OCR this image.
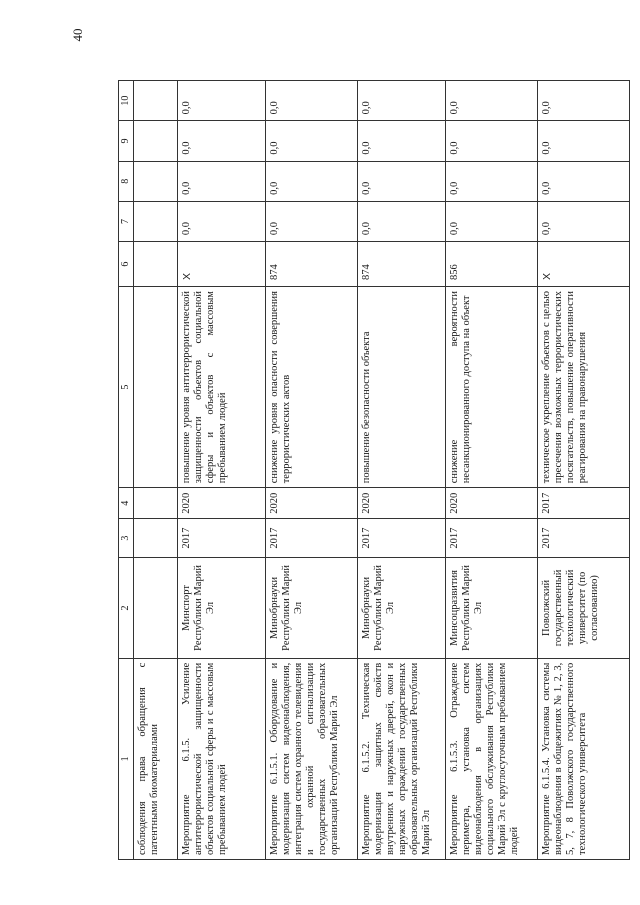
40
1	2	3	4	5	6	7	8	9	10
соблюдения права обращения с патентными биоматериалами									
Мероприятие 6.1.5. Усиление антитеррористической защищенности объектов социальной сферы и с массовым пребыванием людей	Минспорт Республики Марий Эл	2017	2020	повышение уровня антитеррористической защищенности объектов социальной сферы и объектов с массовым пребыванием людей	Х	0,0	0,0	0,0	0,0
Мероприятие 6.1.5.1. Оборудование и модернизация систем видеонаблюдения, интеграция систем охранного телевидения и охранной сигнализации государственных образовательных организаций Республики Марий Эл	Минобрнауки Республики Марий Эл	2017	2020	снижение уровня опасности совершения террористических актов	874	0,0	0,0	0,0	0,0
Мероприятие 6.1.5.2. Техническая модернизация защитных свойств внутренних и наружных дверей, окон и наружных ограждений государственных образовательных организаций Республики Марий Эл	Минобрнауки Республики Марий Эл	2017	2020	повышение безопасности объекта	874	0,0	0,0	0,0	0,0
Мероприятие 6.1.5.3. Ограждение периметра, установка систем видеонаблюдения в организациях социального обслуживания Республики Марий Эл с круглосуточным пребыванием людей	Минсоцразвития Республики Марий Эл	2017	2020	снижение вероятности несанкционированного доступа на объект	856	0,0	0,0	0,0	0,0
Мероприятие 6.1.5.4. Установка системы видеонаблюдения в общежитиях № 1, 2, 3, 5, 7, 8 Поволжского государственного технологического университета	Поволжский государственный технологический университет (по согласованию)	2017	2017	техническое укрепление объектов с целью пресечения возможных террористических посягательств, повышение оперативности реагирования на правонарушения	Х	0,0	0,0	0,0	0,0
